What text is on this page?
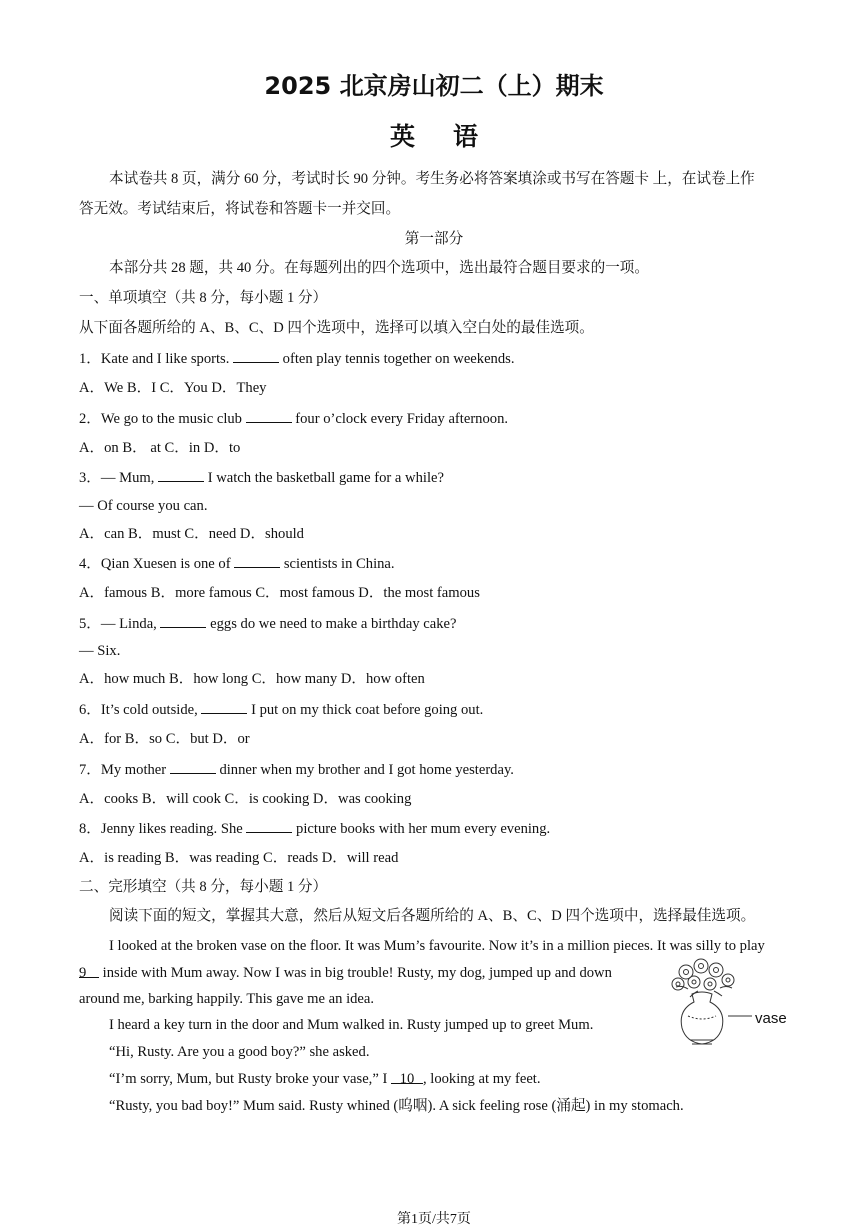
2025 北京房山初二（上）期末
英语
本试卷共 8 页，满分 60 分，考试时长 90 分钟。考生务必将答案填涂或书写在答题卡 上，在试卷上作
答无效。考试结束后，将试卷和答题卡一并交回。
第一部分
本部分共 28 题，共 40 分。在每题列出的四个选项中，选出最符合题目要求的一项。
一、单项填空（共 8 分，每小题 1 分）
从下面各题所给的 A、B、C、D 四个选项中，选择可以填入空白处的最佳选项。
1．Kate and I like sports.	often play tennis together on weekends.
A．We B．I C．You D．They
2．We go to the music club	four o’clock every Friday afternoon.
A．on B． at C．in D．to
3．— Mum,	I watch the basketball game for a while?
— Of course you can.
A．can B．must C．need D．should
4．Qian Xuesen is one of	scientists in China.
A．famous B．more famous C．most famous D．the most famous
5．— Linda,	eggs do we need to make a birthday cake?
— Six.
A．how much B．how long C．how many D．how often
6．It’s cold outside,	I put on my thick coat before going out.
A．for B．so C．but D．or
7．My mother	dinner when my brother and I got home yesterday.
A．cooks B．will cook C．is cooking D．was cooking
8．Jenny likes reading. She	picture books with her mum every evening.
A．is reading B．was reading C．reads D．will read
二、完形填空（共 8 分，每小题 1 分）
阅读下面的短文，掌握其大意，然后从短文后各题所给的 A、B、C、D 四个选项中，选择最佳选项。
I looked at the broken vase on the floor. It was Mum’s favourite. Now it’s in a million pieces. It was silly to play
9 inside with Mum away. Now I was in big trouble! Rusty, my dog, jumped up and down
around me, barking happily. This gave me an idea.
I heard a key turn in the door and Mum walked in. Rusty jumped up to greet Mum.
“Hi, Rusty. Are you a good boy?” she asked.
“I’m sorry, Mum, but Rusty broke your vase,” I 10 , looking at my feet.
“Rusty, you bad boy!” Mum said. Rusty whined (呜咽). A sick feeling rose (涌起) in my stomach.
vase
第1页/共7页
